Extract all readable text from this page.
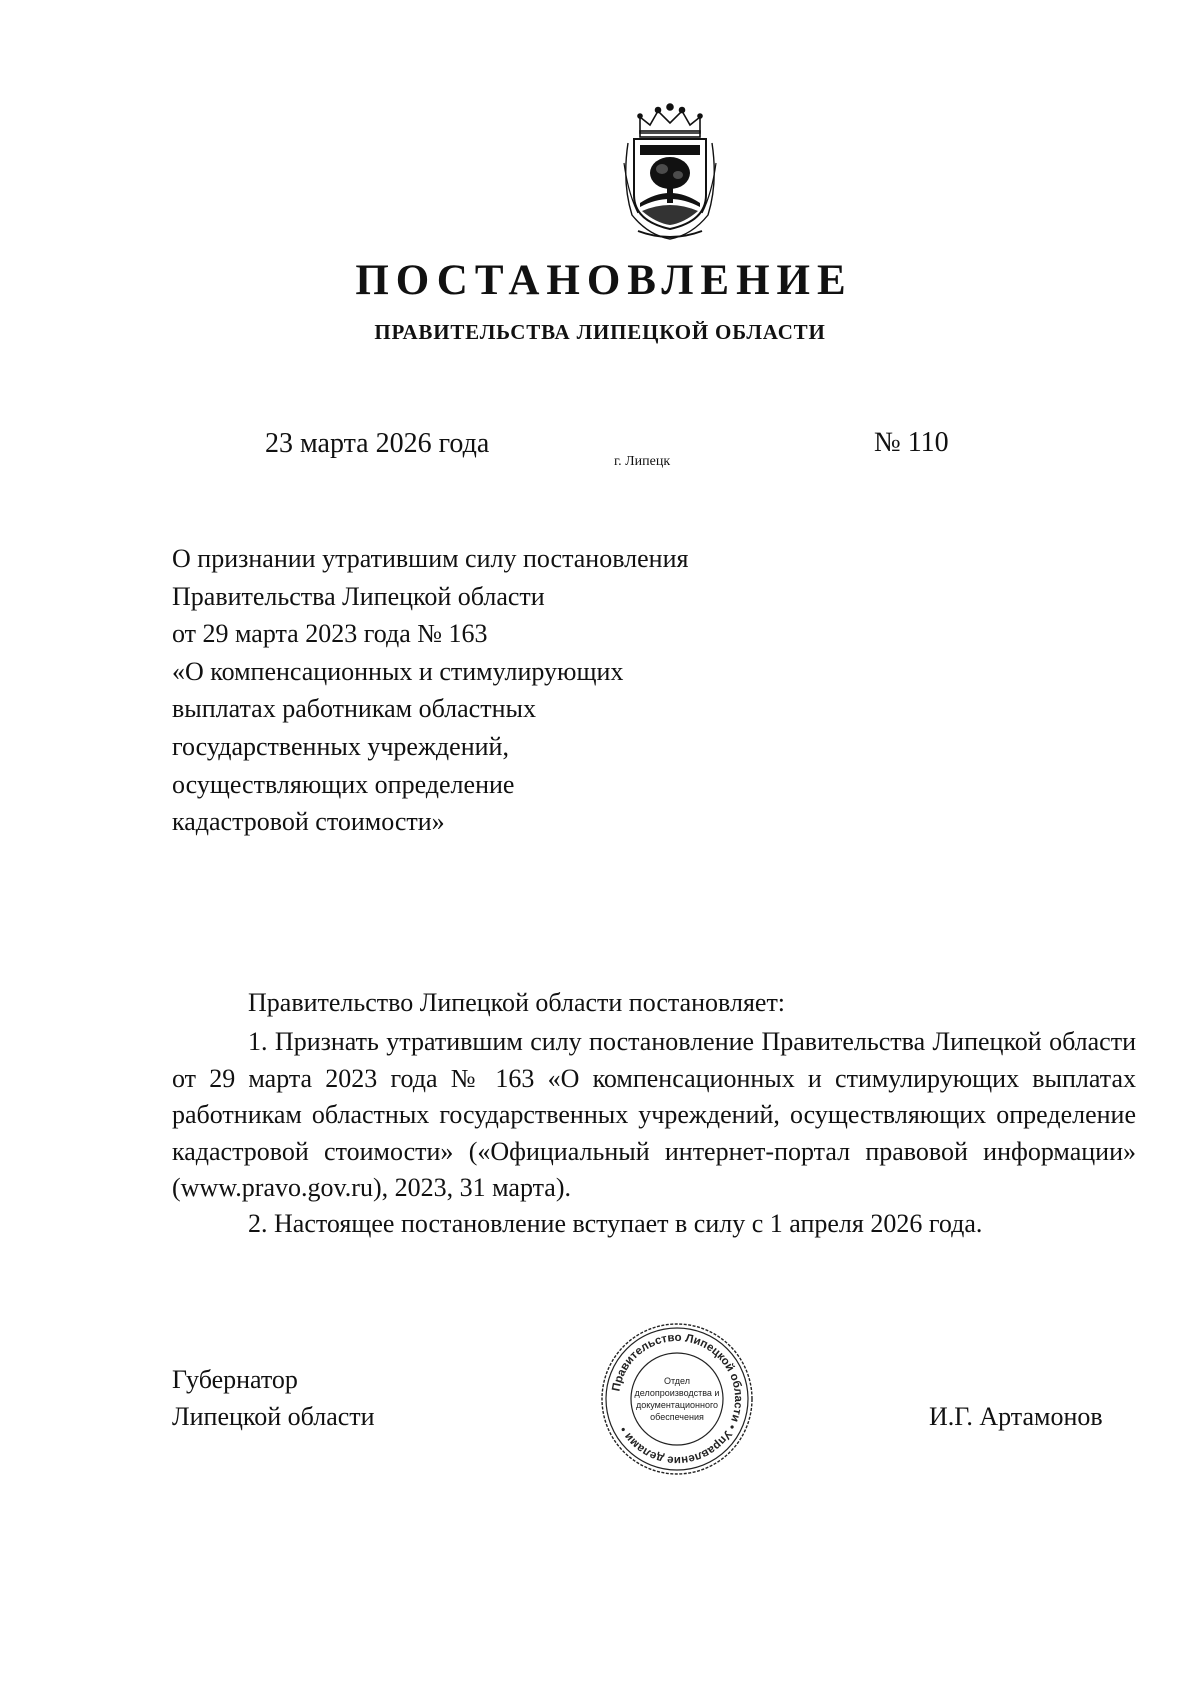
ПОСТАНОВЛЕНИЕ
ПРАВИТЕЛЬСТВА ЛИПЕЦКОЙ ОБЛАСТИ
23 марта 2026 года
г. Липецк
№ 110
О признании утратившим силу постановления
Правительства Липецкой области
от 29 марта 2023 года № 163
«О компенсационных и стимулирующих
выплатах работникам областных
государственных учреждений,
осуществляющих определение
кадастровой стоимости»
Правительство Липецкой области постановляет:
1. Признать утратившим силу постановление Правительства Липецкой области от 29 марта 2023 года № 163 «О компенсационных и стимулирующих выплатах работникам областных государственных учреждений, осуществляющих определение кадастровой стоимости» («Официальный интернет-портал правовой информации» (www.pravo.gov.ru), 2023, 31 марта).
2. Настоящее постановление вступает в силу с 1 апреля 2026 года.
Губернатор
Липецкой области	И.Г. Артамонов
Правительство Липецкой области • Управление делами •
Отдел
делопроизводства и
документационного
обеспечения
